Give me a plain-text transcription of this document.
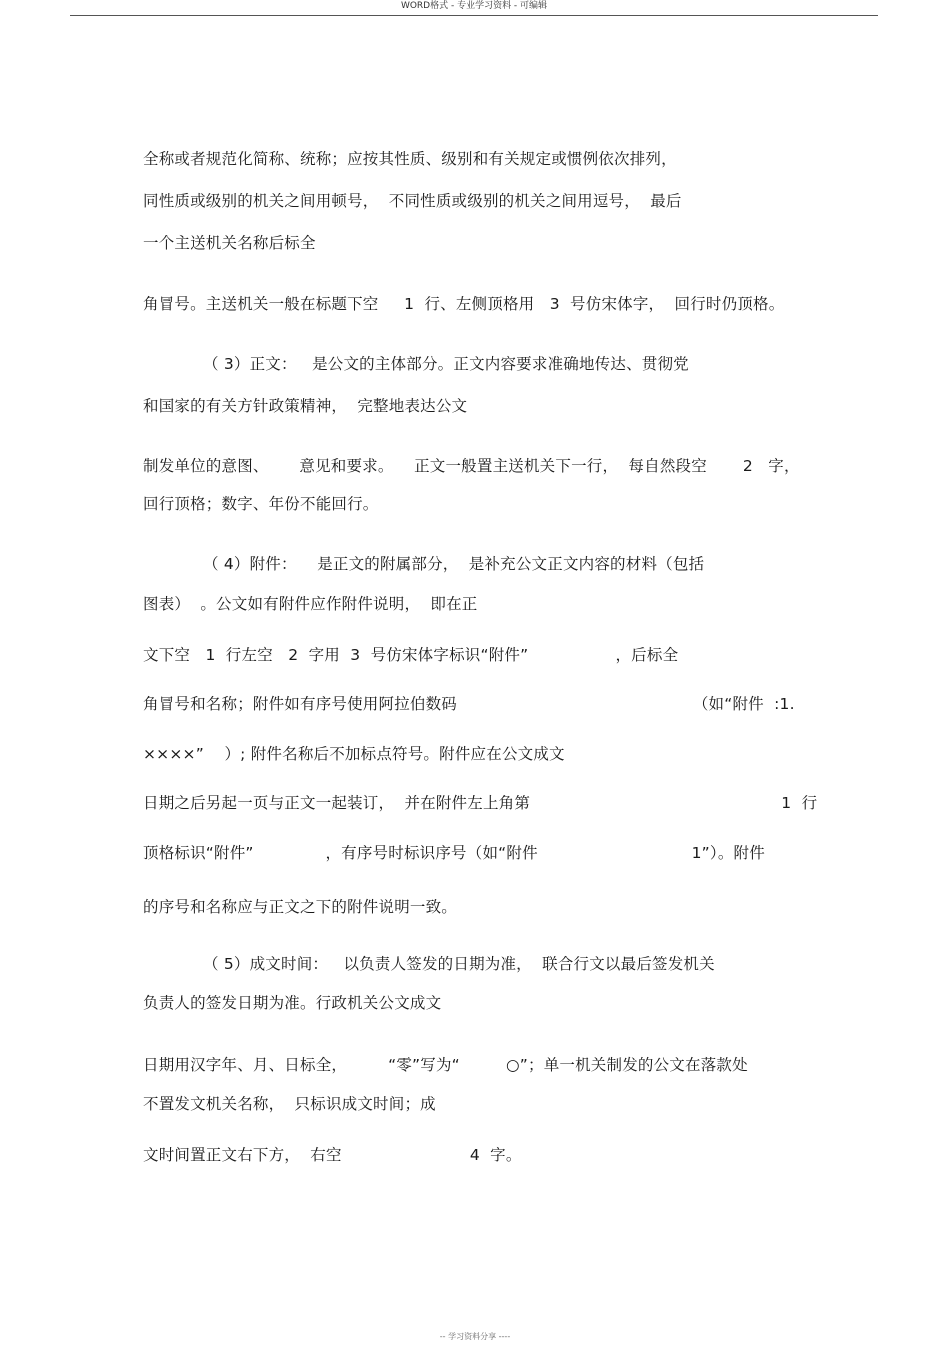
WORD格式 - 专业学习资料 - 可编辑
全称或者规范化简称、统称；应按其性质、级别和有关规定或惯例依次排列，
同性质或级别的机关之间用顿号，  不同性质或级别的机关之间用逗号，  最后
一个主送机关名称后标全
角冒号。主送机关一般在标题下空     1  行、左侧顶格用   3  号仿宋体字，  回行时仍顶格。
（ 3）正文：   是公文的主体部分。正文内容要求准确地传达、贯彻党
和国家的有关方针政策精神，  完整地表达公文
制发单位的意图、      意见和要求。    正文一般置主送机关下一行，  每自然段空       2   字，
回行顶格；数字、年份不能回行。
（ 4）附件：    是正文的附属部分，  是补充公文正文内容的材料（包括
图表）  。公文如有附件应作附件说明，  即在正
文下空   1  行左空   2  字用  3  号仿宋体字标识“附件”                 ，后标全
角冒号和名称；附件如有序号使用阿拉伯数码                                              （如“附件  :1.
××××”    ）; 附件名称后不加标点符号。附件应在公文成文
日期之后另起一页与正文一起装订，  并在附件左上角第                                                 1  行
顶格标识“附件”              ，有序号时标识序号（如“附件                              1”）。附件
的序号和名称应与正文之下的附件说明一致。
（ 5）成文时间：   以负责人签发的日期为准，  联合行文以最后签发机关
负责人的签发日期为准。行政机关公文成文
日期用汉字年、月、日标全，        “零”写为“         ○”；单一机关制发的公文在落款处
不置发文机关名称，  只标识成文时间；成
文时间置正文右下方，  右空                         4  字。
-- 学习资料分享 ----
